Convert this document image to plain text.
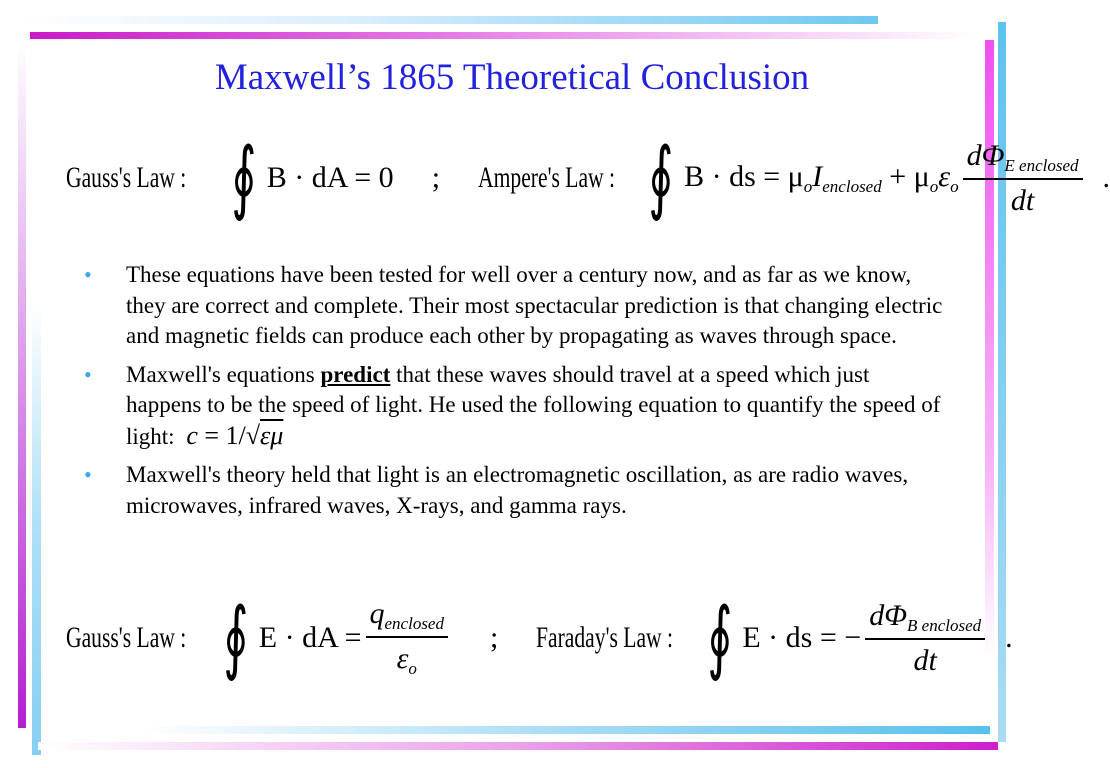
Maxwell’s 1865 Theoretical Conclusion
Gauss's Law : ∮ B · dA = 0 ; Ampere's Law : ∮ B · ds = $\mu_oI_{enclosed} + \mu_o\varepsilon_o \frac{d\Phi_{E enclosed}}{dt}$ .
• These equations have been tested for well over a century now, and as far as we know, they are correct and complete. Their most spectacular prediction is that changing electric and magnetic fields can produce each other by propagating as waves through space.
• Maxwell's equations predict that these waves should travel at a speed which just happens to be the speed of light. He used the following equation to quantify the speed of light: c = 1/√εμ
• Maxwell's theory held that light is an electromagnetic oscillation, as are radio waves, microwaves, infrared waves, X-rays, and gamma rays.
Gauss's Law : ∮ E · dA = $\frac{q_{enclosed}}{\varepsilon_o}$ ; Faraday's Law : ∮ E · ds = − $\frac{d\Phi_{B enclosed}}{dt}$ .
